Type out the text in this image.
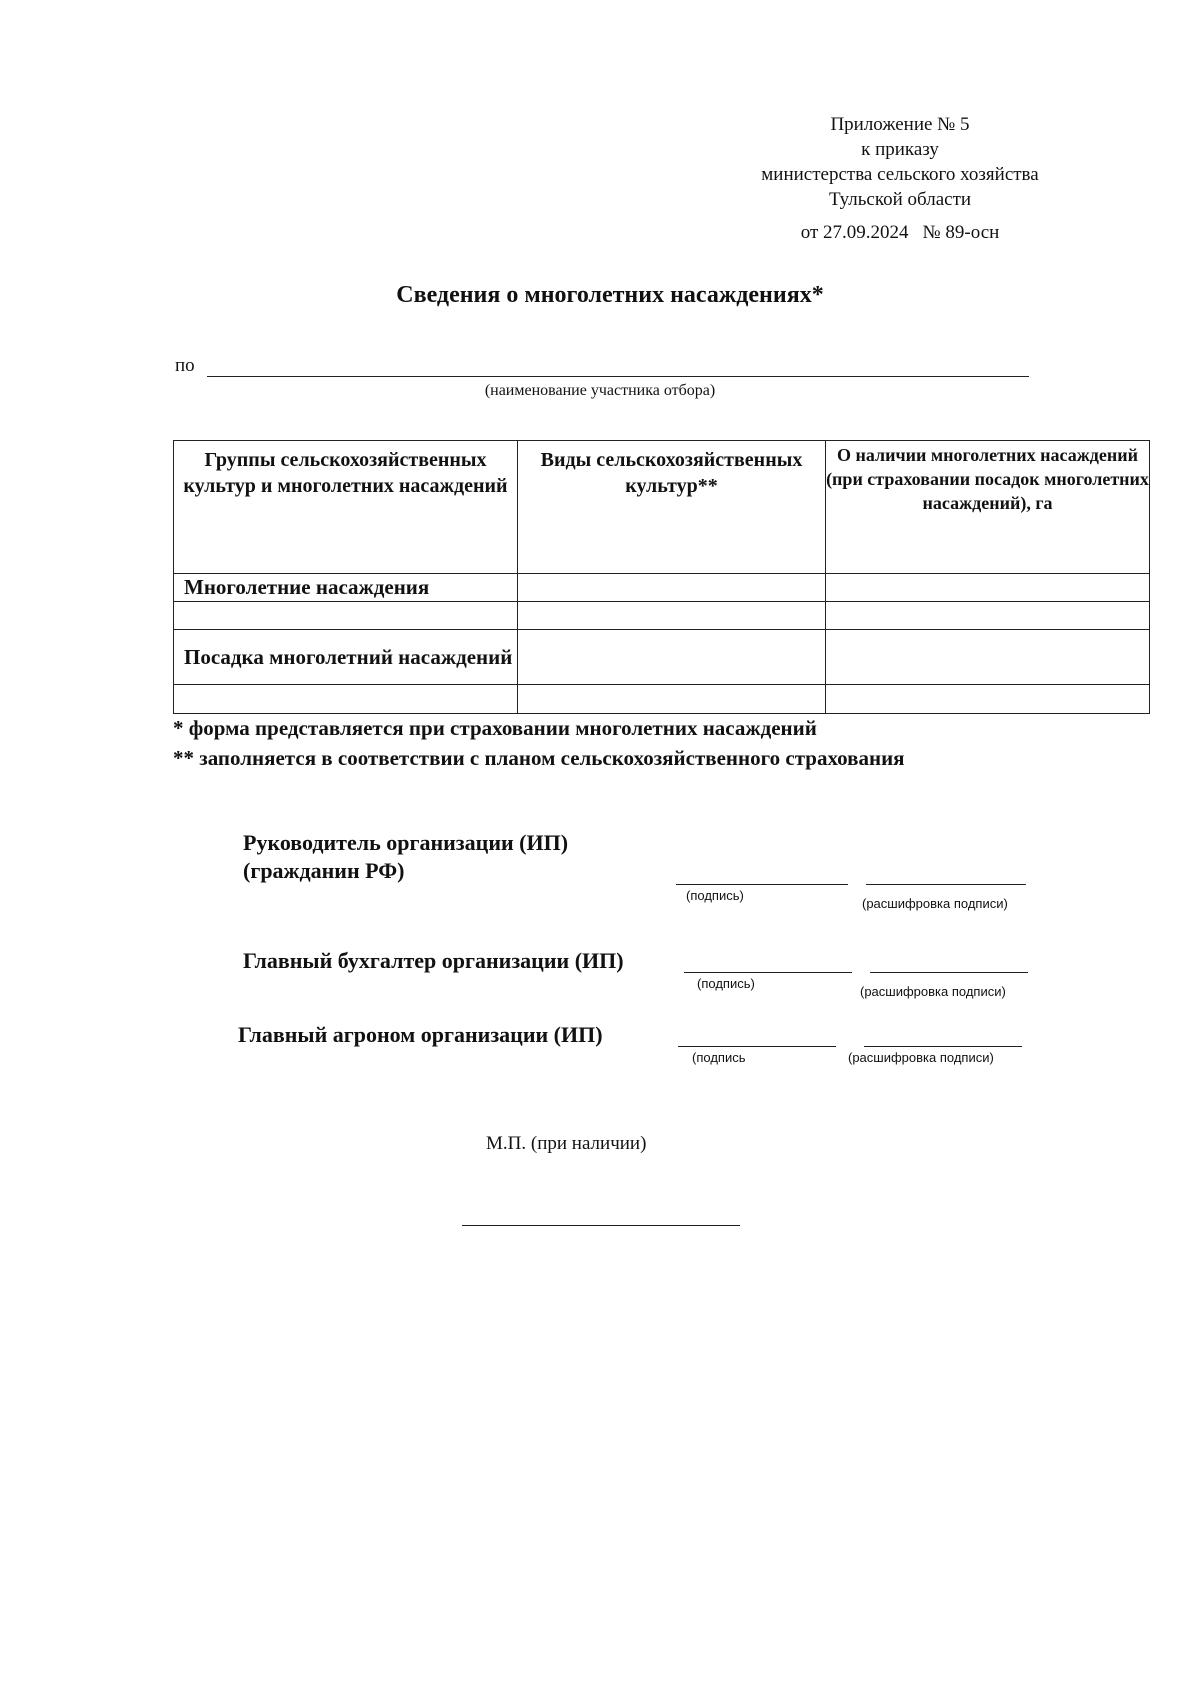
Приложение № 5
к приказу
министерства сельского хозяйства
Тульской области
от 27.09.2024 № 89-осн
Сведения о многолетних насаждениях*
по
(наименование участника отбора)
Группы сельскохозяйственных культур и многолетних насаждений	Виды сельскохозяйственных культур**	О наличии многолетних насаждений (при страховании посадок многолетних насаждений), га
Многолетние насаждения		

Посадка многолетний насаждений		

* форма представляется при страховании многолетних насаждений
** заполняется в соответствии с планом сельскохозяйственного страхования
Руководитель организации (ИП)
(гражданин РФ)
(подпись)
(расшифровка подписи)
Главный бухгалтер организации (ИП)
(подпись)
(расшифровка подписи)
Главный агроном организации (ИП)
(подпись	(расшифровка подписи)
М.П. (при наличии)
